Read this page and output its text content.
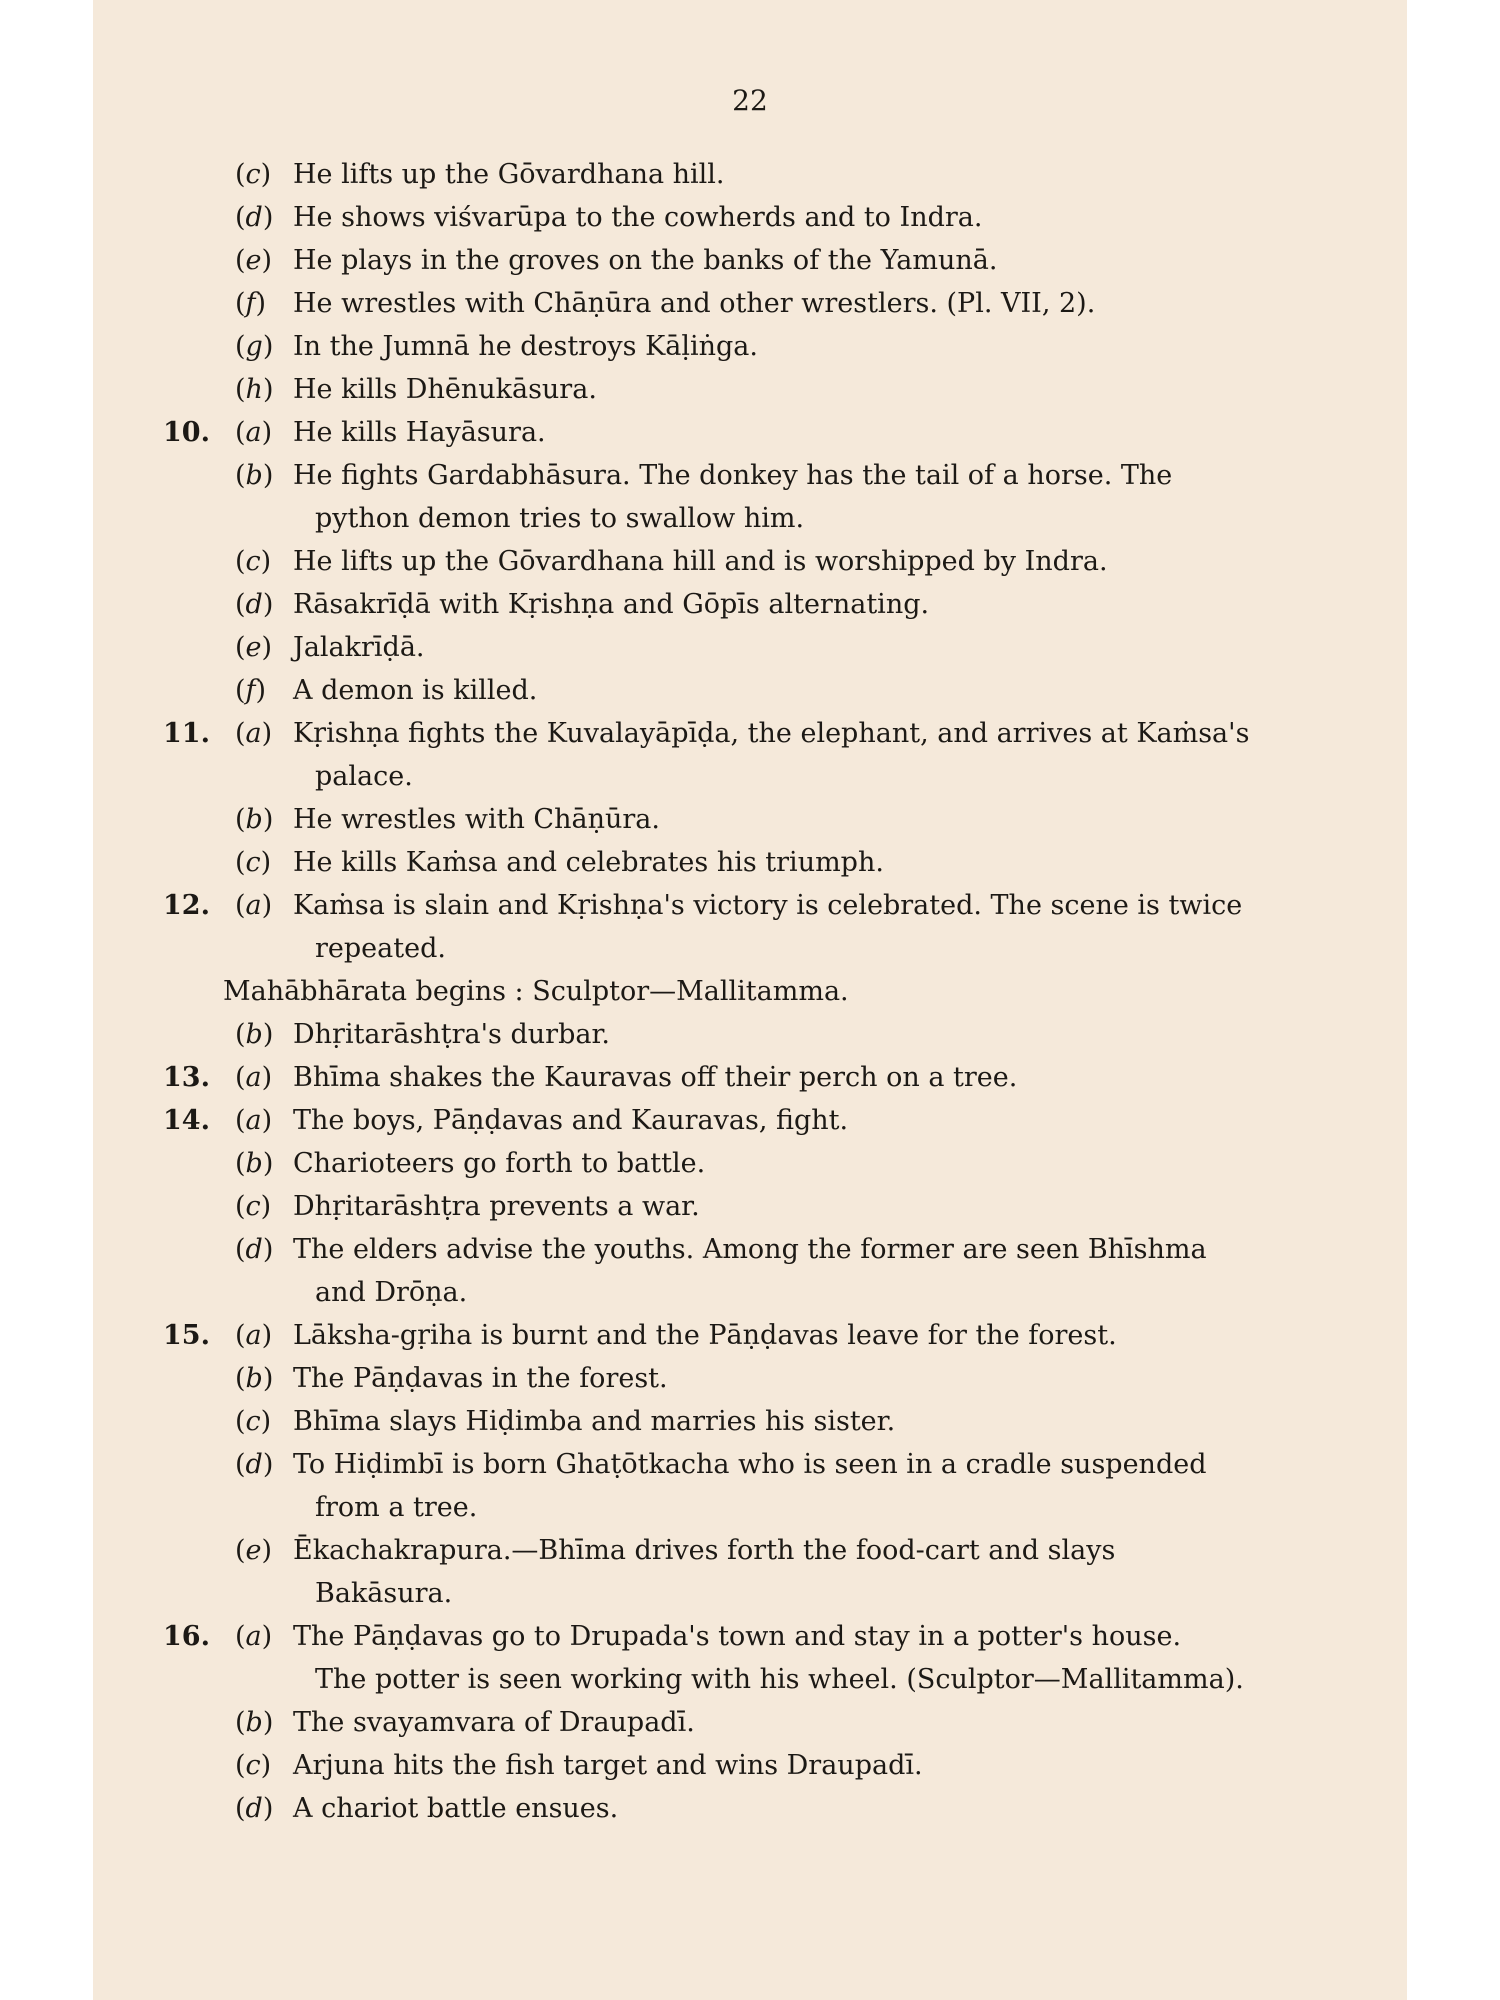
22
(c) He lifts up the Gōvardhana hill.
(d) He shows viśvarūpa to the cowherds and to Indra.
(e) He plays in the groves on the banks of the Yamunā.
(f) He wrestles with Chāṇūra and other wrestlers. (Pl. VII, 2).
(g) In the Jumnā he destroys Kāḷiṅga.
(h) He kills Dhēnukāsura.
10. (a) He kills Hayāsura.
(b) He fights Gardabhāsura. The donkey has the tail of a horse. The
python demon tries to swallow him.
(c) He lifts up the Gōvardhana hill and is worshipped by Indra.
(d) Rāsakrīḍā with Kṛishṇa and Gōpīs alternating.
(e) Jalakrīḍā.
(f) A demon is killed.
11. (a) Kṛishṇa fights the Kuvalayāpīḍa, the elephant, and arrives at Kaṁsa's
palace.
(b) He wrestles with Chāṇūra.
(c) He kills Kaṁsa and celebrates his triumph.
12. (a) Kaṁsa is slain and Kṛishṇa's victory is celebrated. The scene is twice
repeated.
Mahābhārata begins : Sculptor—Mallitamma.
(b) Dhṛitarāshṭra's durbar.
13. (a) Bhīma shakes the Kauravas off their perch on a tree.
14. (a) The boys, Pāṇḍavas and Kauravas, fight.
(b) Charioteers go forth to battle.
(c) Dhṛitarāshṭra prevents a war.
(d) The elders advise the youths. Among the former are seen Bhīshma
and Drōṇa.
15. (a) Lāksha-gṛiha is burnt and the Pāṇḍavas leave for the forest.
(b) The Pāṇḍavas in the forest.
(c) Bhīma slays Hiḍimba and marries his sister.
(d) To Hiḍimbī is born Ghaṭōtkacha who is seen in a cradle suspended
from a tree.
(e) Ēkachakrapura.—Bhīma drives forth the food-cart and slays
Bakāsura.
16. (a) The Pāṇḍavas go to Drupada's town and stay in a potter's house.
The potter is seen working with his wheel. (Sculptor—Mallitamma).
(b) The svayamvara of Draupadī.
(c) Arjuna hits the fish target and wins Draupadī.
(d) A chariot battle ensues.
